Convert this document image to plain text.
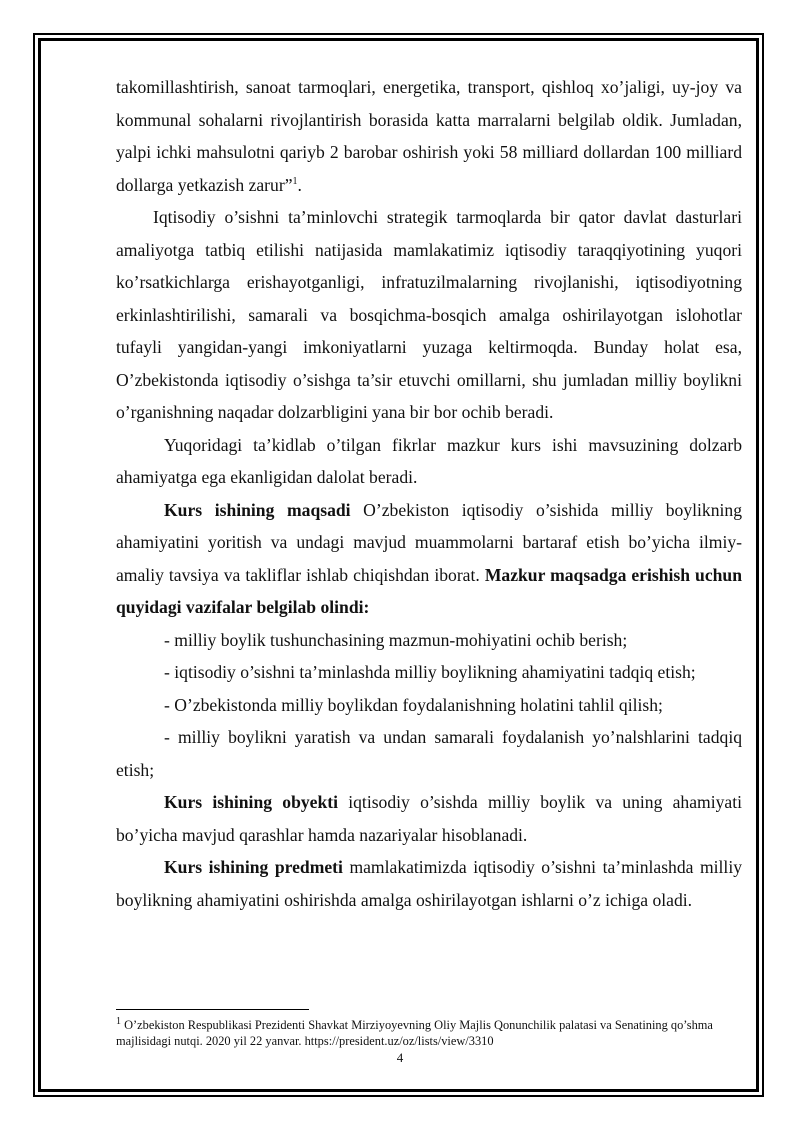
takomillashtirish, sanoat tarmoqlari, energetika, transport, qishloq xo’jaligi, uy-joy va kommunal sohalarni rivojlantirish borasida katta marralarni belgilab oldik. Jumladan, yalpi ichki mahsulotni qariyb 2 barobar oshirish yoki 58 milliard dollardan 100 milliard dollarga yetkazish zarur”$^1$.

Iqtisodiy o’sishni ta’minlovchi strategik tarmoqlarda bir qator davlat dasturlari amaliyotga tatbiq etilishi natijasida mamlakatimiz iqtisodiy taraqqiyotining yuqori ko’rsatkichlarga erishayotganligi, infratuzilmalarning rivojlanishi, iqtisodiyotning erkinlashtirilishi, samarali va bosqichma-bosqich amalga oshirilayotgan islohotlar tufayli yangidan-yangi imkoniyatlarni yuzaga keltirmoqda. Bunday holat esa, O’zbekistonda iqtisodiy o’sishga ta’sir etuvchi omillarni, shu jumladan milliy boylikni o’rganishning naqadar dolzarbligini yana bir bor ochib beradi.

Yuqoridagi ta’kidlab o’tilgan fikrlar mazkur kurs ishi mavsuzining dolzarb ahamiyatga ega ekanligidan dalolat beradi.

Kurs ishining maqsadi O’zbekiston iqtisodiy o’sishida milliy boylikning ahamiyatini yoritish va undagi mavjud muammolarni bartaraf etish bo’yicha ilmiy-amaliy tavsiya va takliflar ishlab chiqishdan iborat. Mazkur maqsadga erishish uchun quyidagi vazifalar belgilab olindi:

- milliy boylik tushunchasining mazmun-mohiyatini ochib berish;

- iqtisodiy o’sishni ta’minlashda milliy boylikning ahamiyatini tadqiq etish;

- O’zbekistonda milliy boylikdan foydalanishning holatini tahlil qilish;

- milliy boylikni yaratish va undan samarali foydalanish yo’nalshlarini tadqiq etish;

Kurs ishining obyekti iqtisodiy o’sishda milliy boylik va uning ahamiyati bo’yicha mavjud qarashlar hamda nazariyalar hisoblanadi.

Kurs ishining predmeti mamlakatimizda iqtisodiy o’sishni ta’minlashda milliy boylikning ahamiyatini oshirishda amalga oshirilayotgan ishlarni o’z ichiga oladi.

$^1$ O’zbekiston Respublikasi Prezidenti Shavkat Mirziyoyevning Oliy Majlis Qonunchilik palatasi va Senatining qo’shma majlisidagi nutqi. 2020 yil 22 yanvar. https://president.uz/oz/lists/view/3310
4
